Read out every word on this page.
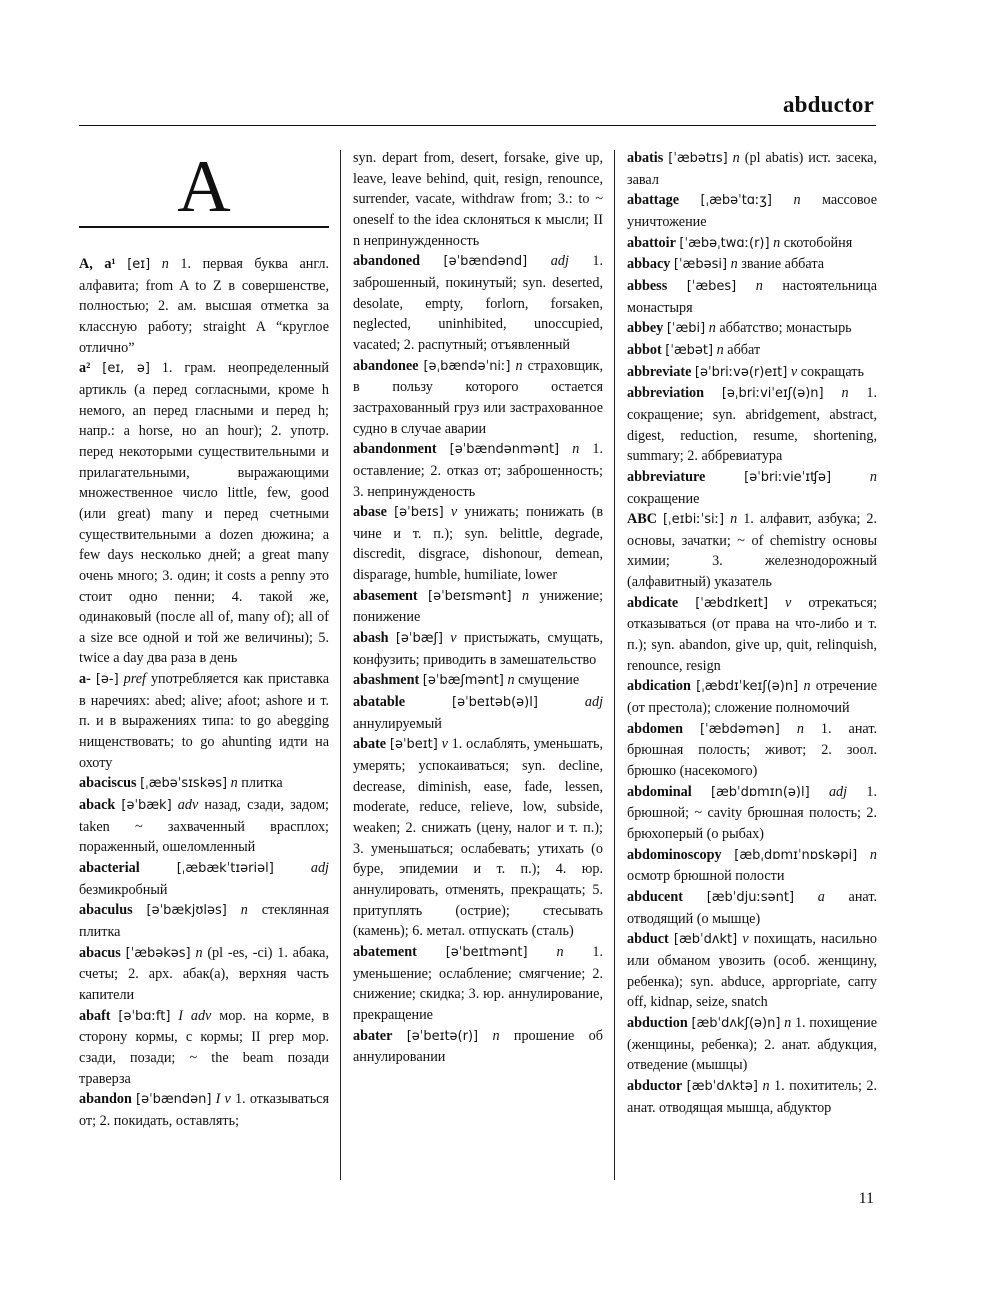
abductor
A

A, a¹ [eɪ] n 1. первая буква англ. алфавита; from A to Z в совершенстве, полностью; 2. ам. высшая отметка за классную работу; straight A “круглое отлично”

a² [eɪ, ə] 1. грам. неопределенный артикль (a перед согласными, кроме h немого, an перед гласными и перед h; напр.: a horse, но an hour); 2. употр. перед некоторыми существительными и прилагательными, выражающими множественное число little, few, good (или great) many и перед счетными существительными a dozen дюжина; a few days несколько дней; a great many очень много; 3. один; it costs a penny это стоит одно пенни; 4. такой же, одинаковый (после all of, many of); all of a size все одной и той же величины); 5. twice a day два раза в день

a- [ə-] pref употребляется как приставка в наречиях: abed; alive; afoot; ashore и т. п. и в выражениях типа: to go abegging нищенствовать; to go ahunting идти на охоту

abaciscus [ˌæbəˈsɪskəs] n плитка

aback [əˈbæk] adv назад, сзади, задом; taken ~ захваченный врасплох; пораженный, ошеломленный

abacterial	[ˌæbækˈtɪəriəl]	adj безмикробный

abaculus [əˈbækjʊləs] n стеклянная плитка

abacus [ˈæbəkəs] n (pl -es, -ci) 1. абака, счеты; 2. арх. абак(а), верхняя часть капители

abaft [əˈbɑːft] I adv мор. на корме, в сторону кормы, с кормы; II prep мор. сзади, позади; ~ the beam позади траверза

abandon [əˈbændən] I v 1. отказываться от; 2. покидать, оставлять;

syn. depart from, desert, forsake, give up, leave, leave behind, quit, resign, renounce, surrender, vacate, withdraw from; 3.: to ~ oneself to the idea склоняться к мысли; II n непринужденность

abandoned [əˈbændənd] adj 1. заброшенный, покинутый; syn. deserted, desolate, empty, forlorn, forsaken, neglected, uninhibited, unoccupied, vacated; 2. распутный; отъявленный

abandonee [əˌbændəˈniː] n страховщик, в пользу которого остается застрахованный груз или застрахованное судно в случае аварии

abandonment [əˈbændənmənt] n 1. оставление; 2. отказ от; заброшенность; 3. непринужденость

abase [əˈbeɪs] v унижать; понижать (в чине и т. п.); syn. belittle, degrade, discredit, disgrace, dishonour, demean, disparage, humble, humiliate, lower

abasement [əˈbeɪsmənt] n унижение; понижение

abash [əˈbæʃ] v пристыжать, смущать, конфузить; приводить в замешательство

abashment [əˈbæʃmənt] n смущение

abatable	[əˈbeɪtəb(ə)l]	adj аннулируемый

abate [əˈbeɪt] v 1. ослаблять, уменьшать, умерять; успокаиваться; syn. decline, decrease, diminish, ease, fade, lessen, moderate, reduce, relieve, low, subside, weaken; 2. снижать (цену, налог и т. п.); 3. уменьшаться; ослабевать; утихать (о буре, эпидемии и т. п.); 4. юр. аннулировать, отменять, прекращать; 5. притуплять (острие); стесывать (камень); 6. метал. отпускать (сталь)

abatement [əˈbeɪtmənt] n 1. уменьшение; ослабление; смягчение; 2. снижение; скидка; 3. юр. аннулирование, прекращение

abater [əˈbeɪtə(r)] n прошение об аннулировании

abatis [ˈæbətɪs] n (pl abatis) ист. засека, завал

abattage [ˌæbəˈtɑːʒ] n массовое уничтожение

abattoir [ˈæbəˌtwɑː(r)] n скотобойня

abbacy [ˈæbəsi] n звание аббата

abbess [ˈæbes] n настоятельница монастыря

abbey [ˈæbi] n аббатство; монастырь

abbot [ˈæbət] n аббат

abbreviate [əˈbriːvə(r)eɪt] v сокращать

abbreviation [əˌbriːviˈeɪʃ(ə)n] n 1. сокращение; syn. abridgement, abstract, digest, reduction, resume, shortening, summary; 2. аббревиатура

abbreviature	[əˈbriːvieˈɪʧə]	n сокращение

ABC [ˌeɪbiːˈsiː] n 1. алфавит, азбука; 2. основы, зачатки; ~ of chemistry основы химии; 3. железнодорожный (алфавитный) указатель

abdicate [ˈæbdɪkeɪt] v отрекаться; отказываться (от права на что-либо и т. п.); syn. abandon, give up, quit, relinquish, renounce, resign

abdication [ˌæbdɪˈkeɪʃ(ə)n] n отречение (от престола); сложение полномочий

abdomen [ˈæbdəmən] n 1. анат. брюшная полость; живот; 2. зоол. брюшко (насекомого)

abdominal [æbˈdɒmɪn(ə)l] adj 1. брюшной; ~ cavity брюшная полость; 2. брюхоперый (о рыбах)

abdominoscopy [æbˌdɒmɪˈnɒskəpi] n осмотр брюшной полости

abducent [æbˈdjuːsənt] a анат. отводящий (о мышце)

abduct [æbˈdʌkt] v похищать, насильно или обманом увозить (особ. женщину, ребенка); syn. abduce, appropriate, carry off, kidnap, seize, snatch

abduction [æbˈdʌkʃ(ə)n] n 1. похищение (женщины, ребенка); 2. анат. абдукция, отведение (мышцы)

abductor [æbˈdʌktə] n 1. похититель; 2. анат. отводящая мышца, абдуктор

11
